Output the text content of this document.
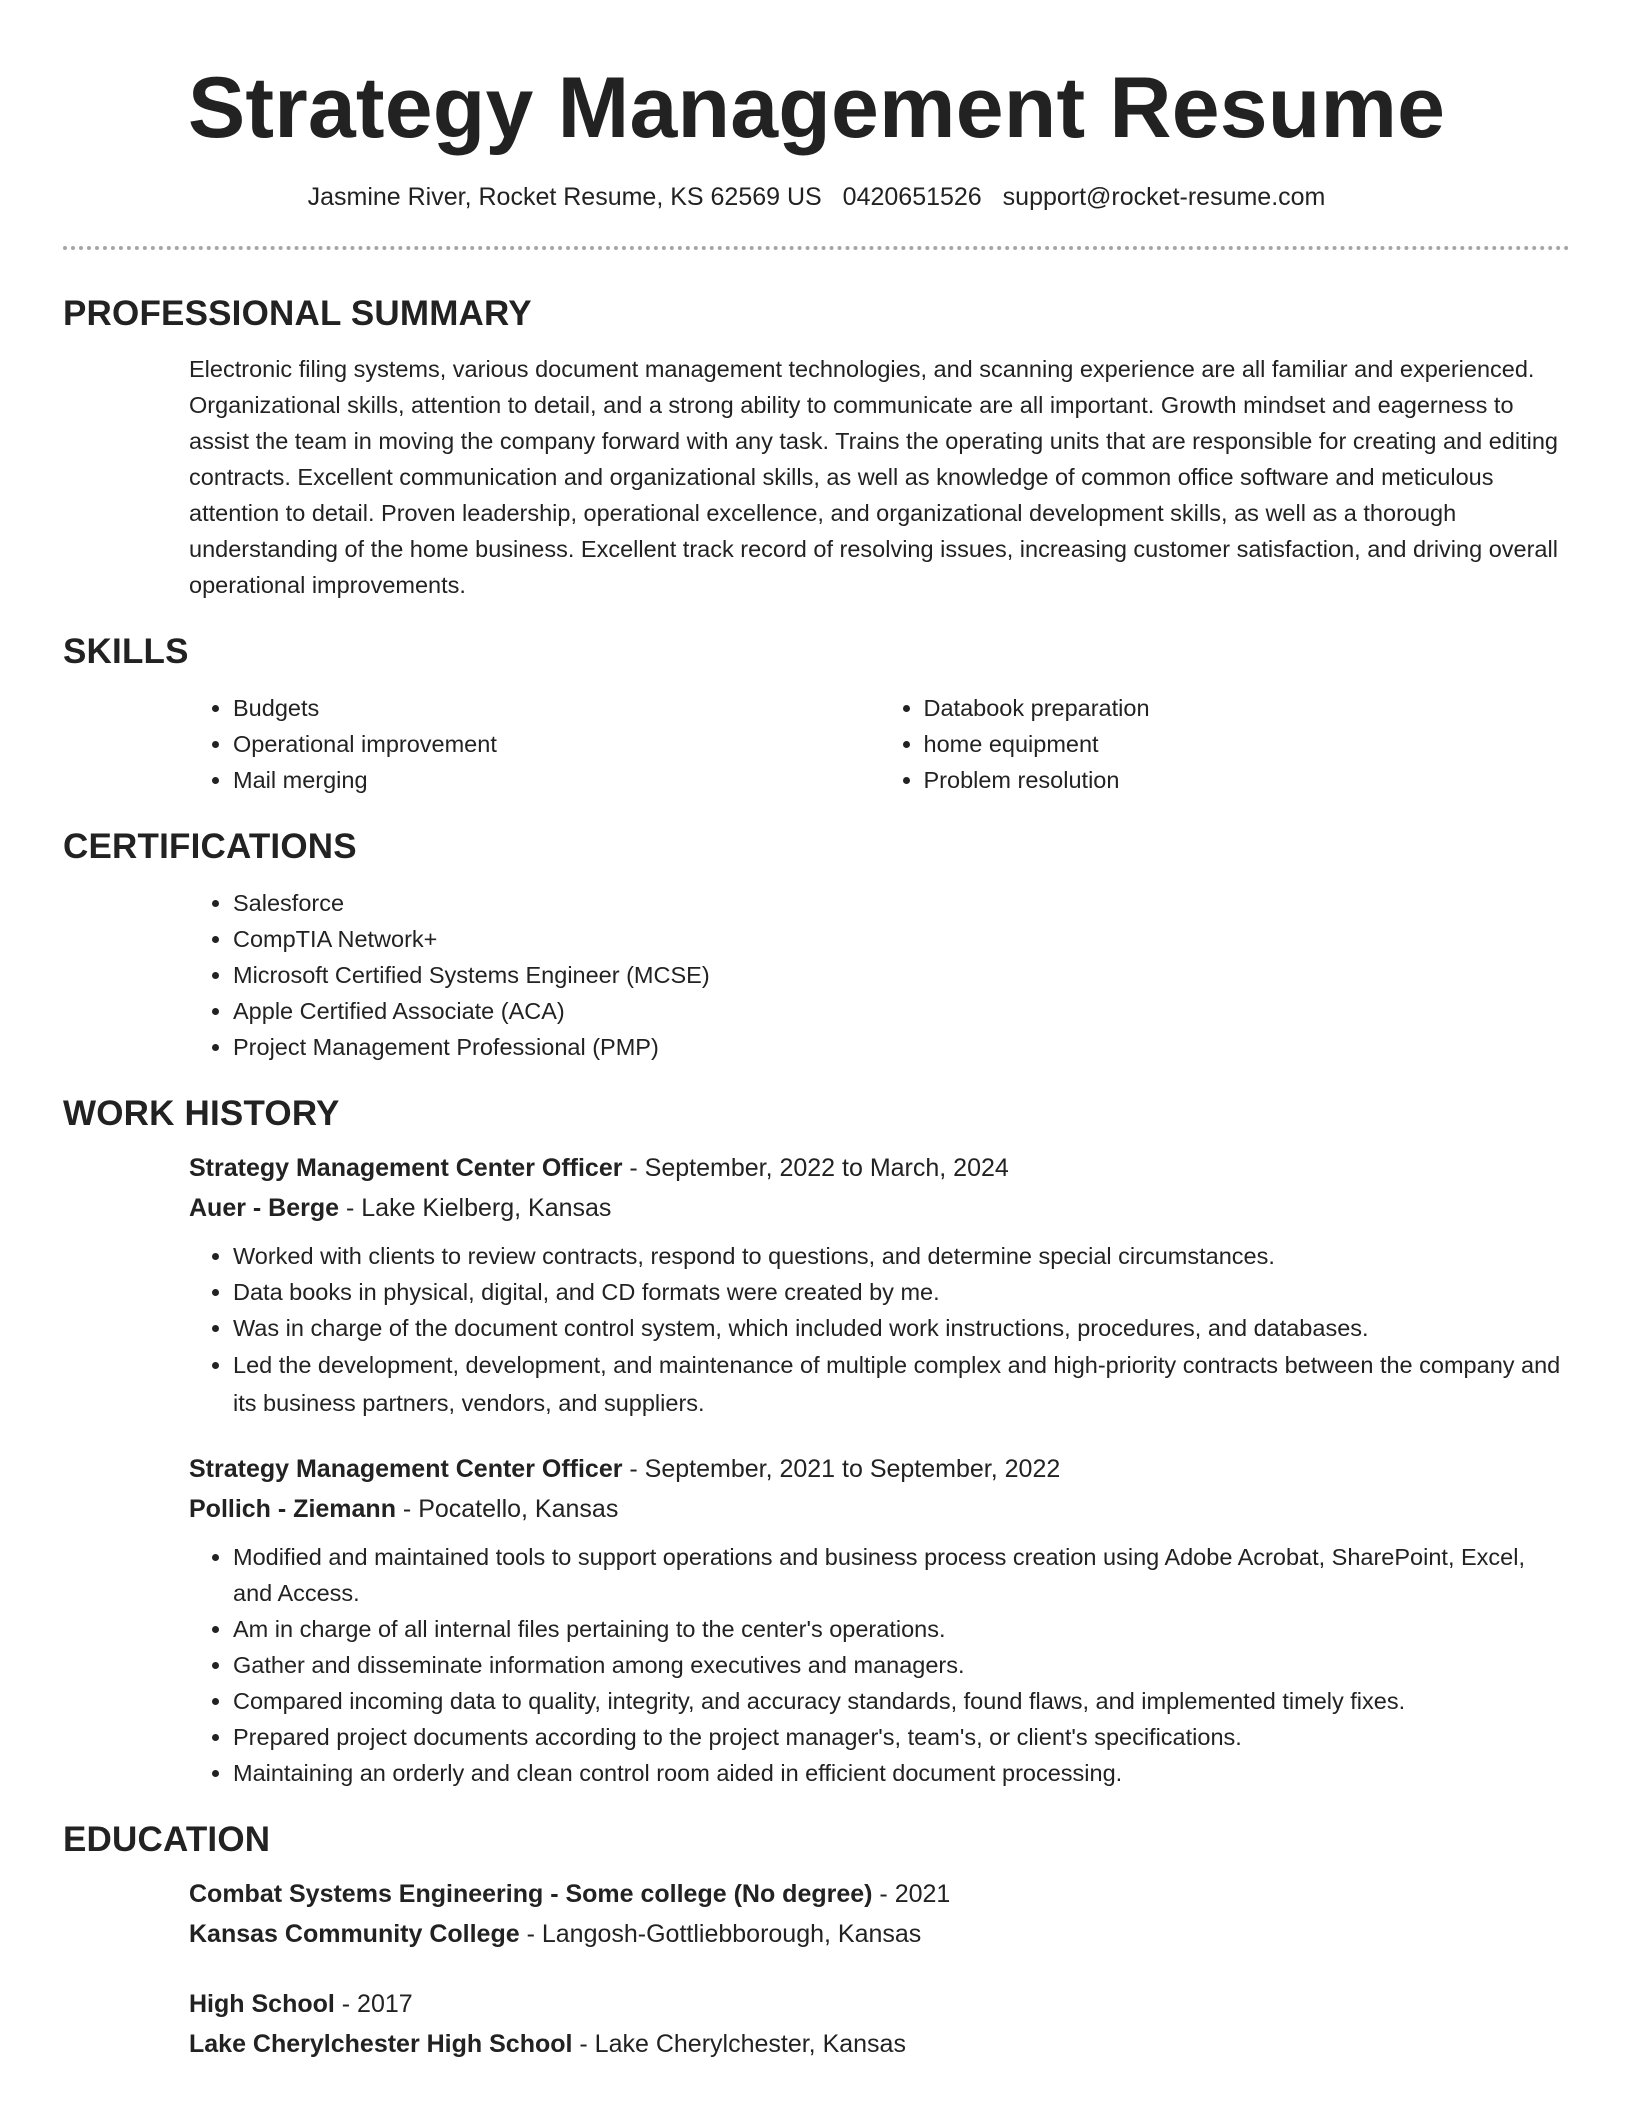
Strategy Management Resume
Jasmine River, Rocket Resume, KS 62569 US 0420651526 support@rocket-resume.com
PROFESSIONAL SUMMARY

Electronic filing systems, various document management technologies, and scanning experience are all familiar and experienced. Organizational skills, attention to detail, and a strong ability to communicate are all important. Growth mindset and eagerness to assist the team in moving the company forward with any task. Trains the operating units that are responsible for creating and editing contracts. Excellent communication and organizational skills, as well as knowledge of common office software and meticulous attention to detail. Proven leadership, operational excellence, and organizational development skills, as well as a thorough understanding of the home business. Excellent track record of resolving issues, increasing customer satisfaction, and driving overall operational improvements.

SKILLS
• Budgets
• Operational improvement
• Mail merging
• Databook preparation
• home equipment
• Problem resolution
CERTIFICATIONS
• Salesforce
• CompTIA Network+
• Microsoft Certified Systems Engineer (MCSE)
• Apple Certified Associate (ACA)
• Project Management Professional (PMP)
WORK HISTORY
Strategy Management Center Officer - September, 2022 to March, 2024
Auer - Berge - Lake Kielberg, Kansas
• Worked with clients to review contracts, respond to questions, and determine special circumstances.
• Data books in physical, digital, and CD formats were created by me.
• Was in charge of the document control system, which included work instructions, procedures, and databases.
• Led the development, development, and maintenance of multiple complex and high-priority contracts between the company and its business partners, vendors, and suppliers.
Strategy Management Center Officer - September, 2021 to September, 2022
Pollich - Ziemann - Pocatello, Kansas
• Modified and maintained tools to support operations and business process creation using Adobe Acrobat, SharePoint, Excel, and Access.
• Am in charge of all internal files pertaining to the center's operations.
• Gather and disseminate information among executives and managers.
• Compared incoming data to quality, integrity, and accuracy standards, found flaws, and implemented timely fixes.
• Prepared project documents according to the project manager's, team's, or client's specifications.
• Maintaining an orderly and clean control room aided in efficient document processing.
EDUCATION
Combat Systems Engineering - Some college (No degree) - 2021
Kansas Community College - Langosh-Gottliebborough, Kansas
High School - 2017
Lake Cherylchester High School - Lake Cherylchester, Kansas
